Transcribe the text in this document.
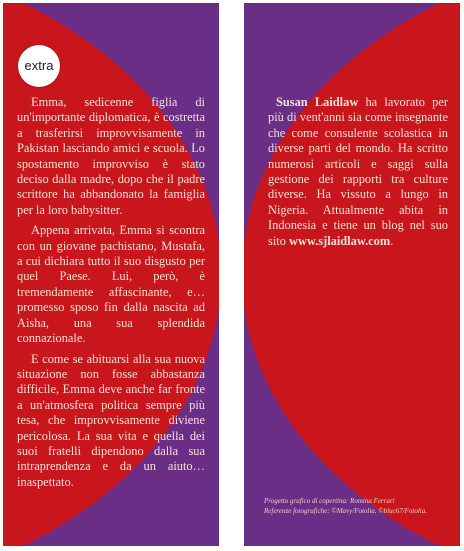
extra

Emma, sedicenne figlia di un'importante diplomatica, è costretta a trasferirsi improvvisamente in Pakistan lasciando amici e scuola. Lo spostamento improvviso è stato deciso dalla madre, dopo che il padre scrittore ha abbandonato la famiglia per la loro babysitter.

Appena arrivata, Emma si scontra con un giovane pachistano, Mustafa, a cui dichiara tutto il suo disgusto per quel Paese. Lui, però, è tremendamente affascinante, e… promesso sposo fin dalla nascita ad Aisha, una sua splendida connazionale.

E come se abituarsi alla sua nuova situazione non fosse abbastanza difficile, Emma deve anche far fronte a un'atmosfera politica sempre più tesa, che improvvisamente diviene pericolosa. La sua vita e quella dei suoi fratelli dipendono dalla sua intraprendenza e da un aiuto… inaspettato.

Susan Laidlaw ha lavorato per più di vent'anni sia come insegnante che come consulente scolastica in diverse parti del mondo. Ha scritto numerosi articoli e saggi sulla gestione dei rapporti tra culture diverse. Ha vissuto a lungo in Nigeria. Attualmente abita in Indonesia e tiene un blog nel suo sito www.sjlaidlaw.com.

Progetto grafico di copertina: Romina Ferrari
Referenze fotografiche: ©Mavy/Fotolia, ©bluc67/Fotolia.
